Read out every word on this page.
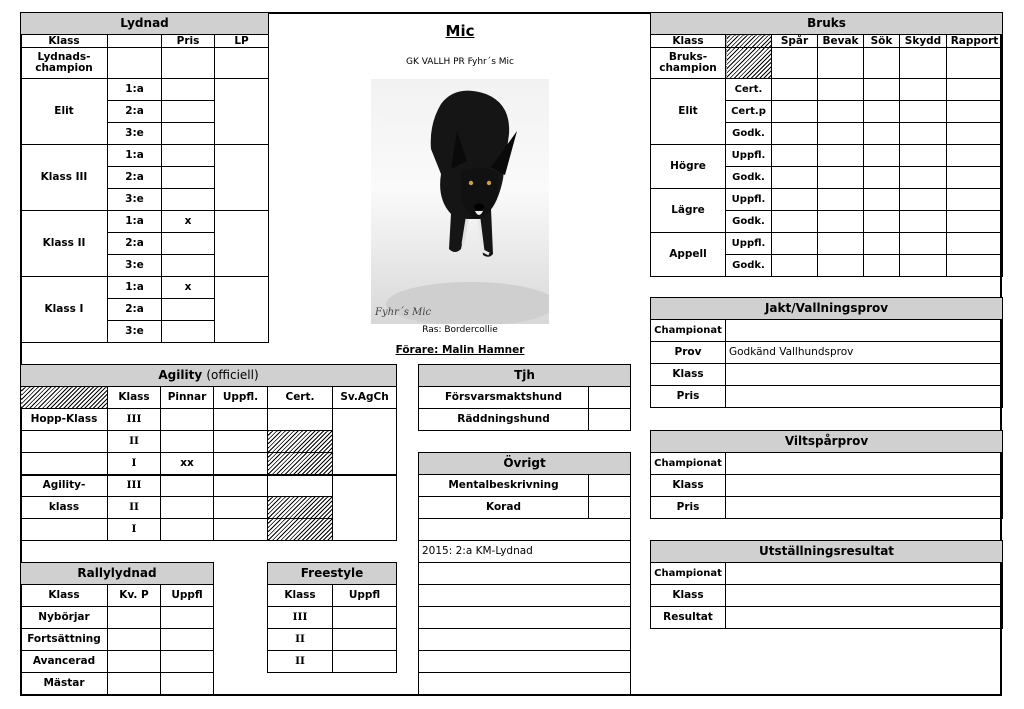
Lydnad			
Klass		Pris	LP
Lydnads-champion			
Elit	1:a		
	2:a		
	3:e		
Klass III	1:a		
	2:a		
	3:e		
Klass II	1:a	x	
	2:a		
	3:e		
Klass I	1:a	x	
	2:a		
	3:e		
Mic
GK VALLH PR Fyhr´s Mic
Fyhr´s Mic
Ras: Bordercollie
Förare: Malin Hamner
Agility (officiell)					
	Klass	Pinnar	Uppfl.	Cert.	Sv.AgCh
Hopp-Klass	III				
	II				
	I	xx			
Agility-	III				
klass	II				
	I				
Rallylydnad		
Klass	Kv. P	Uppfl
Nybörjar		
Fortsättning		
Avancerad		
Mästar		
Freestyle	
Klass	Uppfl
III	
II	
II	
Tjh	
Försvarsmaktshund	
Räddningshund	
Övrigt	
Mentalbeskrivning	
Korad	

2015: 2:a KM-Lydnad	

Bruks						
Klass		Spår	Bevak	Sök	Skydd	Rapport
Bruks-champion						
Elit	Cert.					
	Cert.p					
	Godk.					
Högre	Uppfl.					
	Godk.					
Lägre	Uppfl.					
	Godk.					
Appell	Uppfl.					
	Godk.					
Jakt/Vallningsprov	
Championat	
Prov	Godkänd Vallhundsprov
Klass	
Pris	
Viltspårprov	
Championat	
Klass	
Pris	
Utställningsresultat	
Championat	
Klass	
Resultat	
